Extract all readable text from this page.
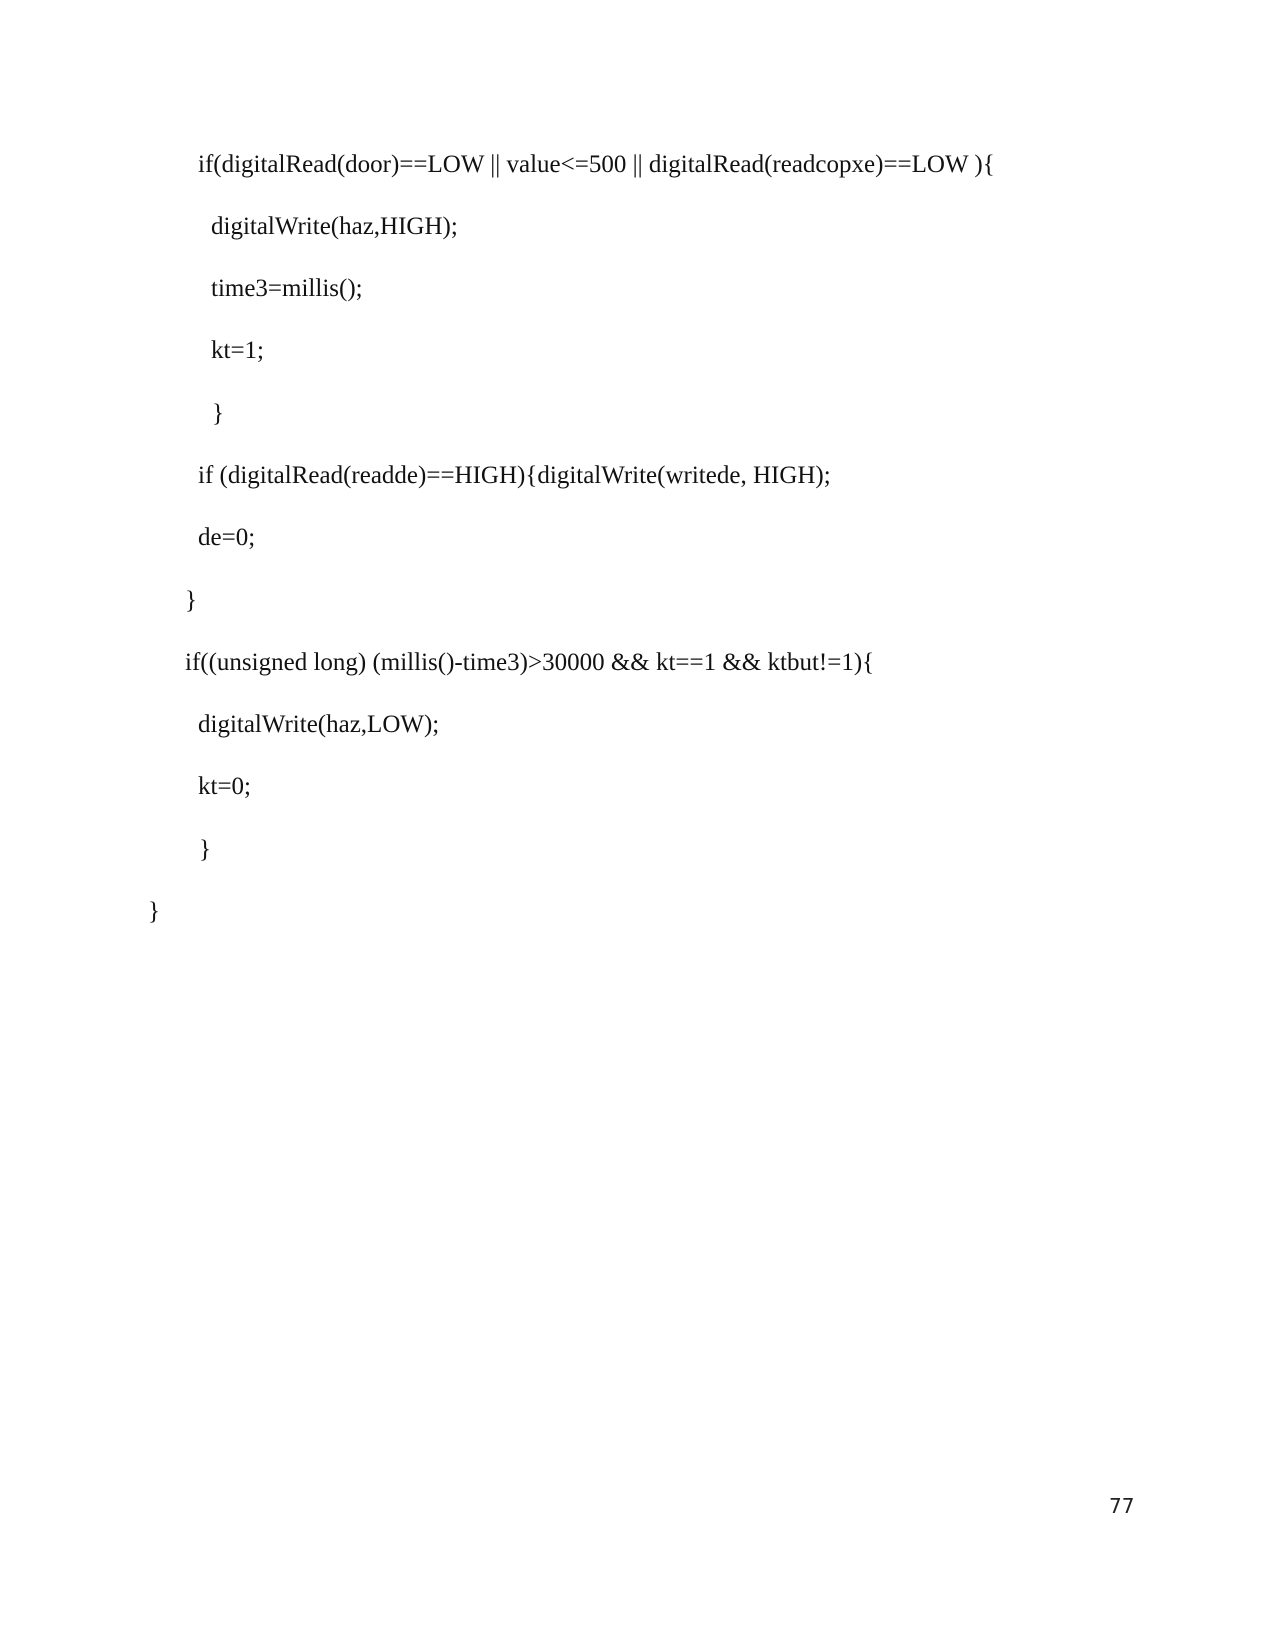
if(digitalRead(door)==LOW || value<=500 || digitalRead(readcopxe)==LOW ){
digitalWrite(haz,HIGH);
time3=millis();
kt=1;
}
if (digitalRead(readde)==HIGH){digitalWrite(writede, HIGH);
de=0;
}
if((unsigned long) (millis()-time3)>30000 && kt==1 && ktbut!=1){
digitalWrite(haz,LOW);
kt=0;
}
}
77
